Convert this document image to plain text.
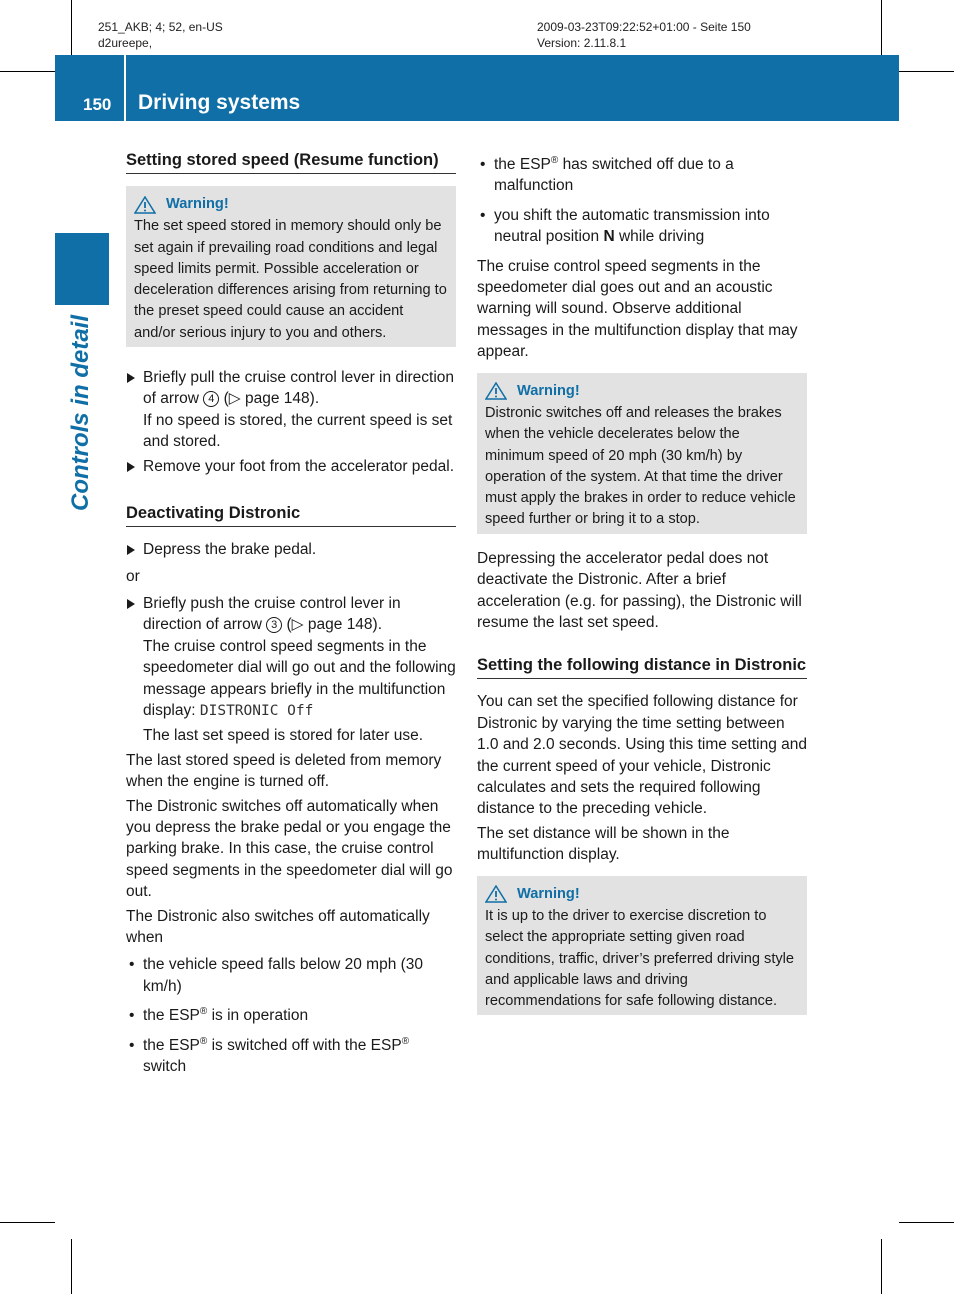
251_AKB; 4; 52, en-US
d2ureepe,
2009-03-23T09:22:52+01:00 - Seite 150
Version: 2.11.8.1
150 Driving systems
Controls in detail
Setting stored speed (Resume function)
Warning!
The set speed stored in memory should only be set again if prevailing road conditions and legal speed limits permit. Possible acceleration or deceleration differences arising from returning to the preset speed could cause an accident and/or serious injury to you and others.
Briefly pull the cruise control lever in direction of arrow 4 (▷ page 148).
If no speed is stored, the current speed is set and stored.
Remove your foot from the accelerator pedal.
Deactivating Distronic
Depress the brake pedal.
or
Briefly push the cruise control lever in direction of arrow 3 (▷ page 148).
The cruise control speed segments in the speedometer dial will go out and the following message appears briefly in the multifunction display: DISTRONIC Off
The last set speed is stored for later use.

The last stored speed is deleted from memory when the engine is turned off.

The Distronic switches off automatically when you depress the brake pedal or you engage the parking brake. In this case, the cruise control speed segments in the speedometer dial will go out.

The Distronic also switches off automatically when

• the vehicle speed falls below 20 mph (30 km/h)
• the ESP® is in operation
• the ESP® is switched off with the ESP® switch
• the ESP® has switched off due to a malfunction
• you shift the automatic transmission into neutral position N while driving

The cruise control speed segments in the speedometer dial goes out and an acoustic warning will sound. Observe additional messages in the multifunction display that may appear.

Warning!
Distronic switches off and releases the brakes when the vehicle decelerates below the minimum speed of 20 mph (30 km/h) by operation of the system. At that time the driver must apply the brakes in order to reduce vehicle speed further or bring it to a stop.

Depressing the accelerator pedal does not deactivate the Distronic. After a brief acceleration (e.g. for passing), the Distronic will resume the last set speed.

Setting the following distance in Distronic

You can set the specified following distance for Distronic by varying the time setting between 1.0 and 2.0 seconds. Using this time setting and the current speed of your vehicle, Distronic calculates and sets the required following distance to the preceding vehicle.

The set distance will be shown in the multifunction display.

Warning!
It is up to the driver to exercise discretion to select the appropriate setting given road conditions, traffic, driver’s preferred driving style and applicable laws and driving recommendations for safe following distance.
